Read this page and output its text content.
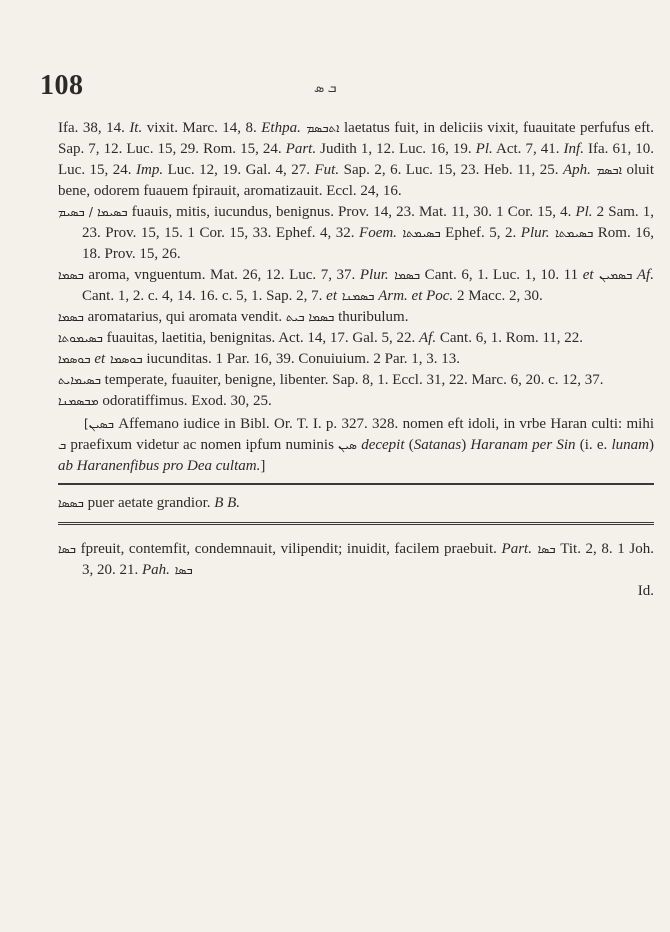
108	ܒ ܣ

Ifa. 38, 14. It. vixit. Marc. 14, 8. Ethpa. ܐܬܒܣܡ laetatus fuit, in deliciis vixit, fuauitate perfufus eft. Sap. 7, 12. Luc. 15, 29. Rom. 15, 24. Part. Judith 1, 12. Luc. 16, 19. Pl. Act. 7, 41. Inf. Ifa. 61, 10. Luc. 15, 24. Imp. Luc. 12, 19. Gal. 4, 27. Fut. Sap. 2, 6. Luc. 15, 23. Heb. 11, 25. Aph. ܐܒܣܡ oluit bene, odorem fuauem fpirauit, aromatizauit. Eccl. 24, 16.

ܒܣܝܡܐ / ܒܣܝܡ fuauis, mitis, iucundus, benignus. Prov. 14, 23. Mat. 11, 30. 1 Cor. 15, 4. Pl. 2 Sam. 1, 23. Prov. 15, 15. 1 Cor. 15, 33. Ephef. 4, 32. Foem. ܒܣܝܡܬܐ Ephef. 5, 2. Plur. ܒܣܝܡܬܐ Rom. 16, 18. Prov. 15, 26.

ܒܣܡܐ aroma, vnguentum. Mat. 26, 12. Luc. 7, 37. Plur. ܒܣܡܐ Cant. 6, 1. Luc. 1, 10. 11 et ܒܣܡܝܢ Af. Cant. 1, 2. c. 4, 14. 16. c. 5, 1. Sap. 2, 7. et ܒܣܡܢܐ Arm. et Poc. 2 Macc. 2, 30.

ܒܣܡܐ aromatarius, qui aromata vendit. ܒܣܡܐ ܒܝܬ thuribulum.

ܒܣܝܡܘܬܐ fuauitas, laetitia, benignitas. Act. 14, 17. Gal. 5, 22. Af. Cant. 6, 1. Rom. 11, 22.

ܒܘܣܡܐ et ܒܘܣܡܐ iucunditas. 1 Par. 16, 39. Conuiuium. 2 Par. 1, 3. 13.

ܒܣܝܡܐܝܬ temperate, fuauiter, benigne, libenter. Sap. 8, 1. Eccl. 31, 22. Marc. 6, 20. c. 12, 37.

ܡܒܣܡܢܐ odoratiffimus. Exod. 30, 25.

[ܒܣܝܢ Affemano iudice in Bibl. Or. T. I. p. 327. 328. nomen eft idoli, in vrbe Haran culti: mihi ܒ praefixum videtur ac nomen ipfum numinis ܣܝܢ decepit (Satanas) Haranam per Sin (i. e. lunam) ab Haranenfibus pro Dea cultam.]

ܒܣܣܐ puer aetate grandior. B B.

ܒܣܐ fpreuit, contemfit, condemnauit, vilipendit; inuidit, facilem praebuit. Part. ܒܣܐ Tit. 2, 8. 1 Joh. 3, 20. 21. Pah. ܒܣܐ

Id.
